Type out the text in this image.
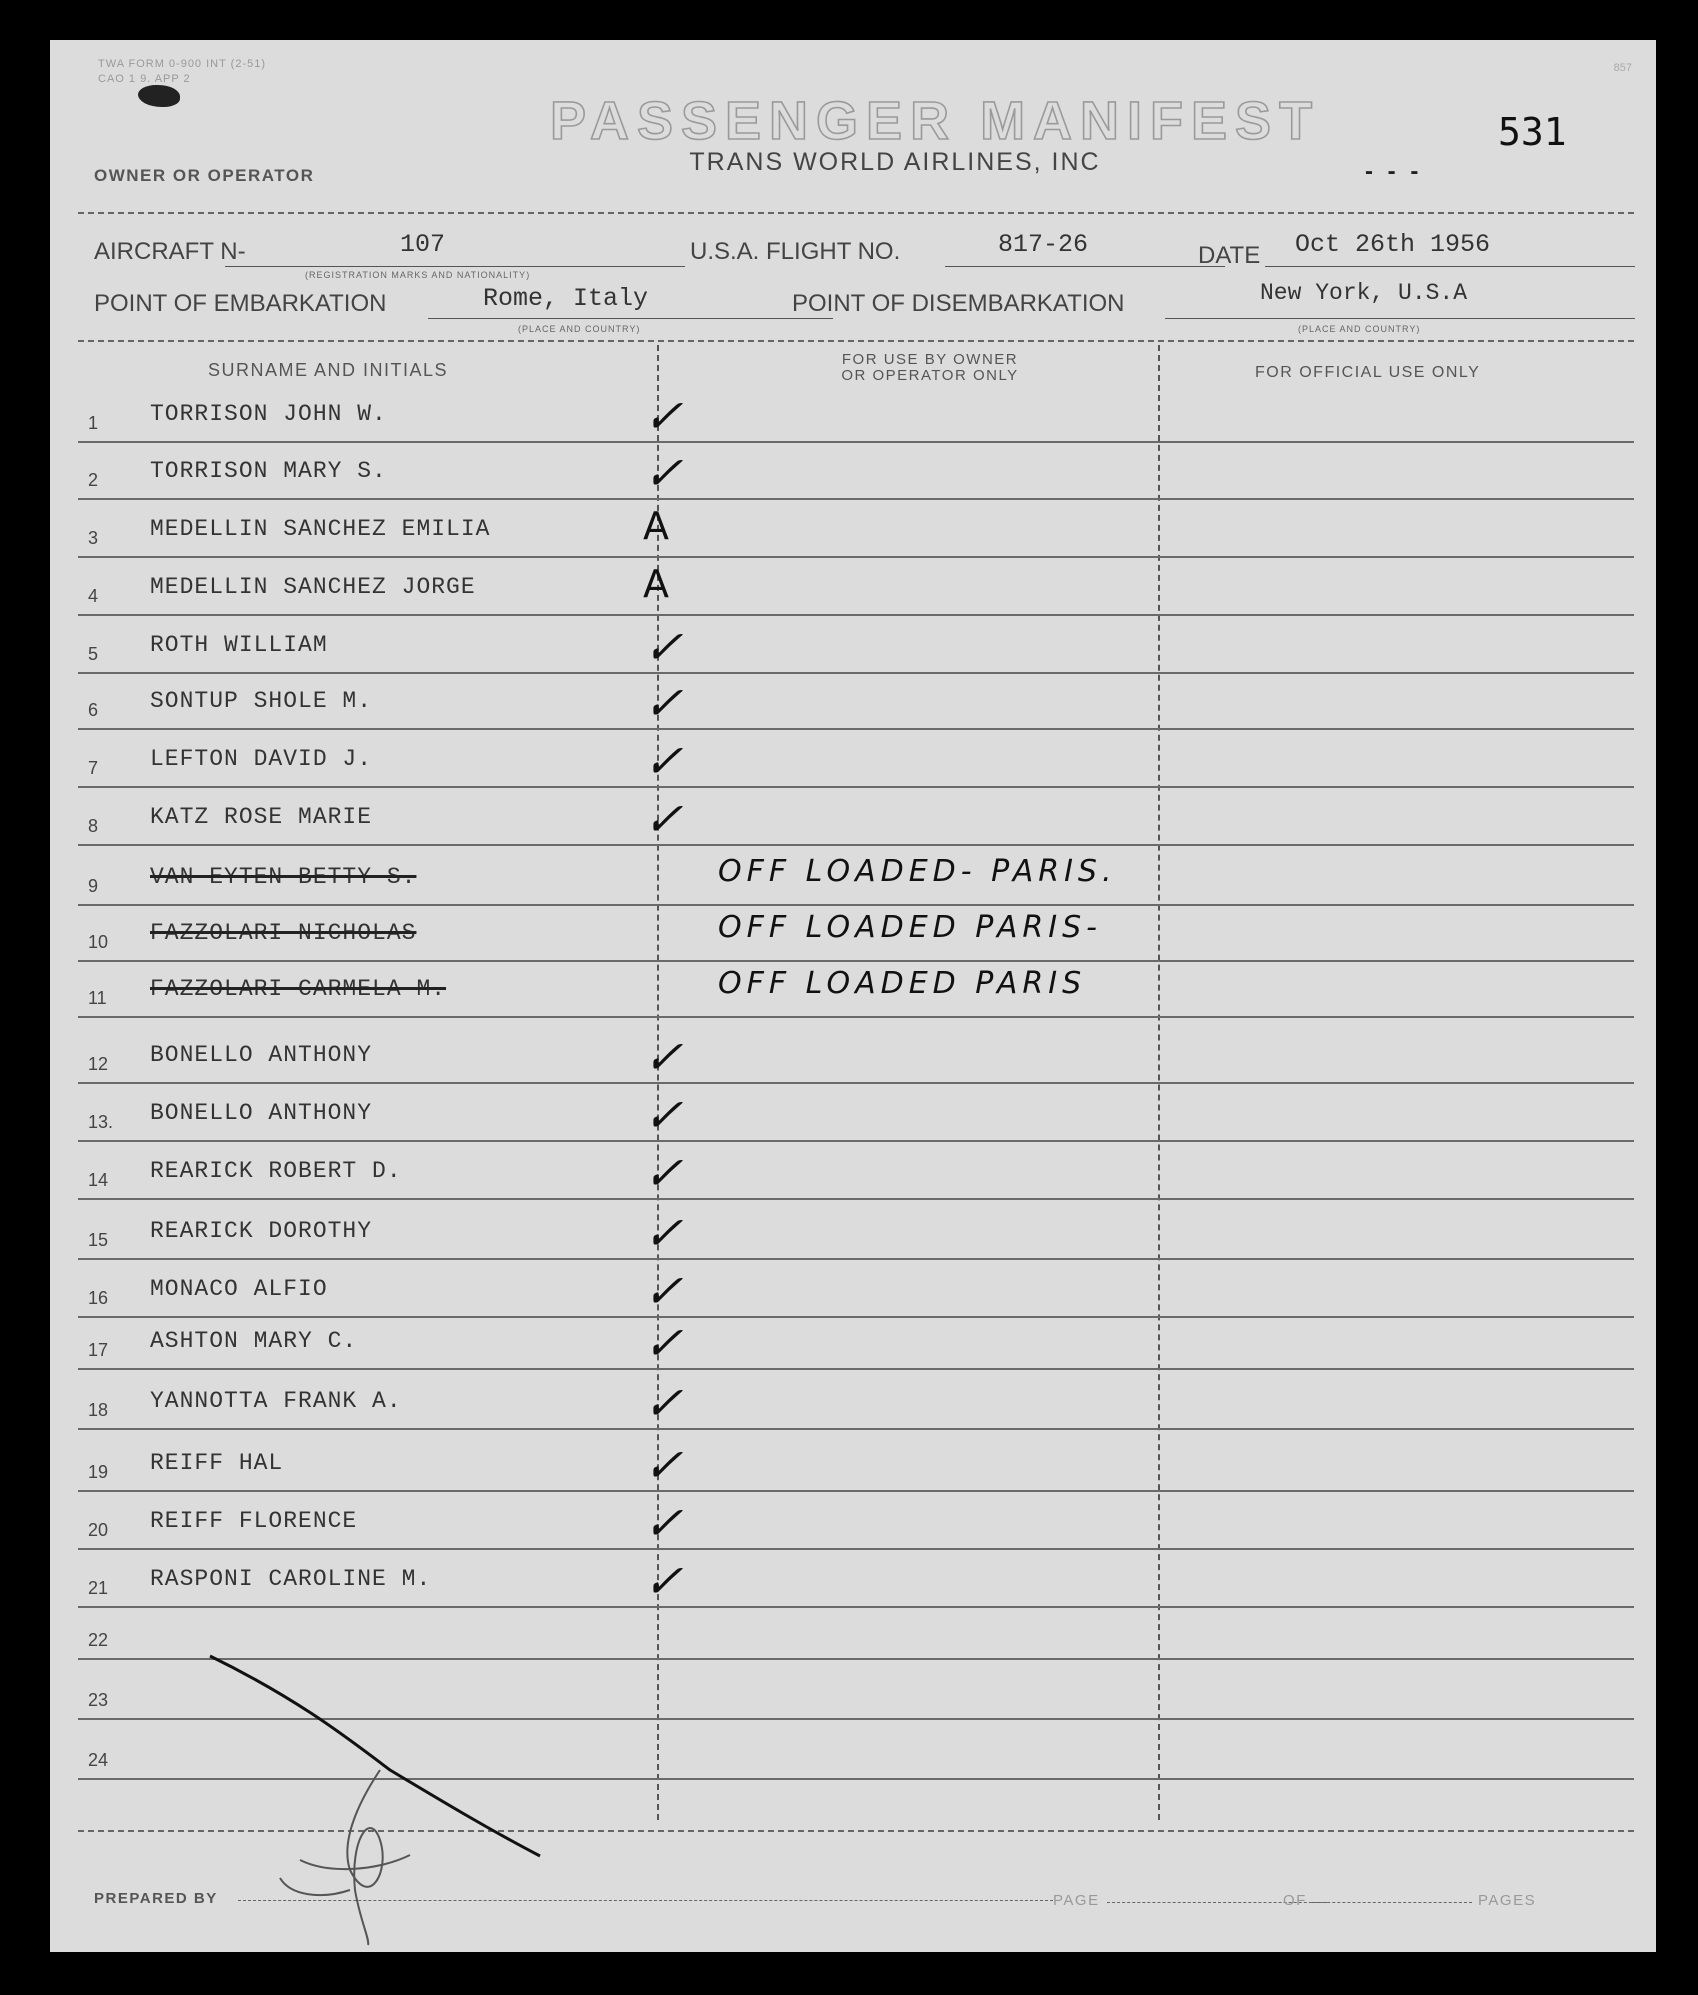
TWA FORM 0-900 INT (2-51)
CAO 1 9. APP 2
857
PASSENGER MANIFEST
TRANS WORLD AIRLINES, INC	- - -
531
OWNER OR OPERATOR
AIRCRAFT N-	107
(REGISTRATION MARKS AND NATIONALITY)
U.S.A. FLIGHT NO.	817-26	DATE Oct 26th 1956
POINT OF EMBARKATION	Rome, Italy
(PLACE AND COUNTRY)
POINT OF DISEMBARKATION	New York, U.S.A
(PLACE AND COUNTRY)
SURNAME AND INITIALS
FOR USE BY OWNER
OR OPERATOR ONLY	FOR OFFICIAL USE ONLY
1 TORRISON JOHN W.	✓
2 TORRISON MARY S.	✓
3 MEDELLIN SANCHEZ EMILIA	A
4 MEDELLIN SANCHEZ JORGE	A
5 ROTH WILLIAM	✓
6 SONTUP SHOLE M.	✓
7 LEFTON DAVID J.	✓
8 KATZ ROSE MARIE	✓
9 VAN EYTEN BETTY S.	OFF LOADED- PARIS.
10 FAZZOLARI NICHOLAS	OFF LOADED PARIS-
11 FAZZOLARI CARMELA M.	OFF LOADED PARIS
12 BONELLO ANTHONY	✓
13. BONELLO ANTHONY	✓
14 REARICK ROBERT D.	✓
15 REARICK DOROTHY	✓
16 MONACO ALFIO	✓
17 ASHTON MARY C.	✓
18 YANNOTTA FRANK A.	✓
19 REIFF HAL	✓
20 REIFF FLORENCE	✓
21 RASPONI CAROLINE M.	✓
22
23
24
PREPARED BY	PAGE	OF	PAGES
